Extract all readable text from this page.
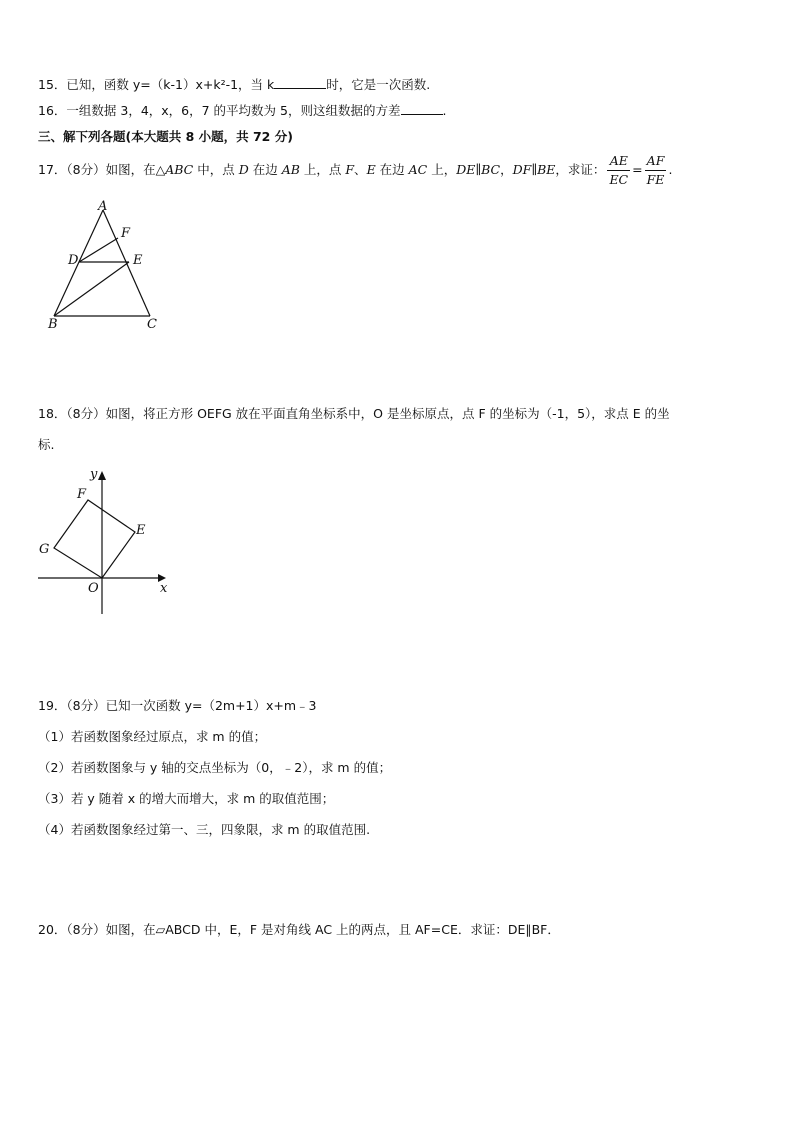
15．已知，函数 y=（k-1）x+k²-1，当 k	时，它是一次函数.
16．一组数据 3，4，x，6，7 的平均数为 5，则这组数据的方差	.
三、解下列各题(本大题共 8 小题，共 72 分)
17．（8分）如图，在△ABC 中，点 D 在边 AB 上，点 F、E 在边 AC 上，DE∥BC，DF∥BE，求证： $\frac{AE}{EC} = \frac{AF}{FE}$ .
A
F
D	E
B	C
18．（8分）如图，将正方形 OEFG 放在平面直角坐标系中，O 是坐标原点，点 F 的坐标为（-1，5），求点 E 的坐
标.
y
F
E
G
O	x
19．（8分）已知一次函数 y=（2m+1）x+m﹣3
（1）若函数图象经过原点，求 m 的值；
（2）若函数图象与 y 轴的交点坐标为（0，﹣2），求 m 的值；
（3）若 y 随着 x 的增大而增大，求 m 的取值范围；
（4）若函数图象经过第一、三，四象限，求 m 的取值范围.
20．（8分）如图，在▱ABCD 中，E，F 是对角线 AC 上的两点，且 AF=CE．求证：DE∥BF．
